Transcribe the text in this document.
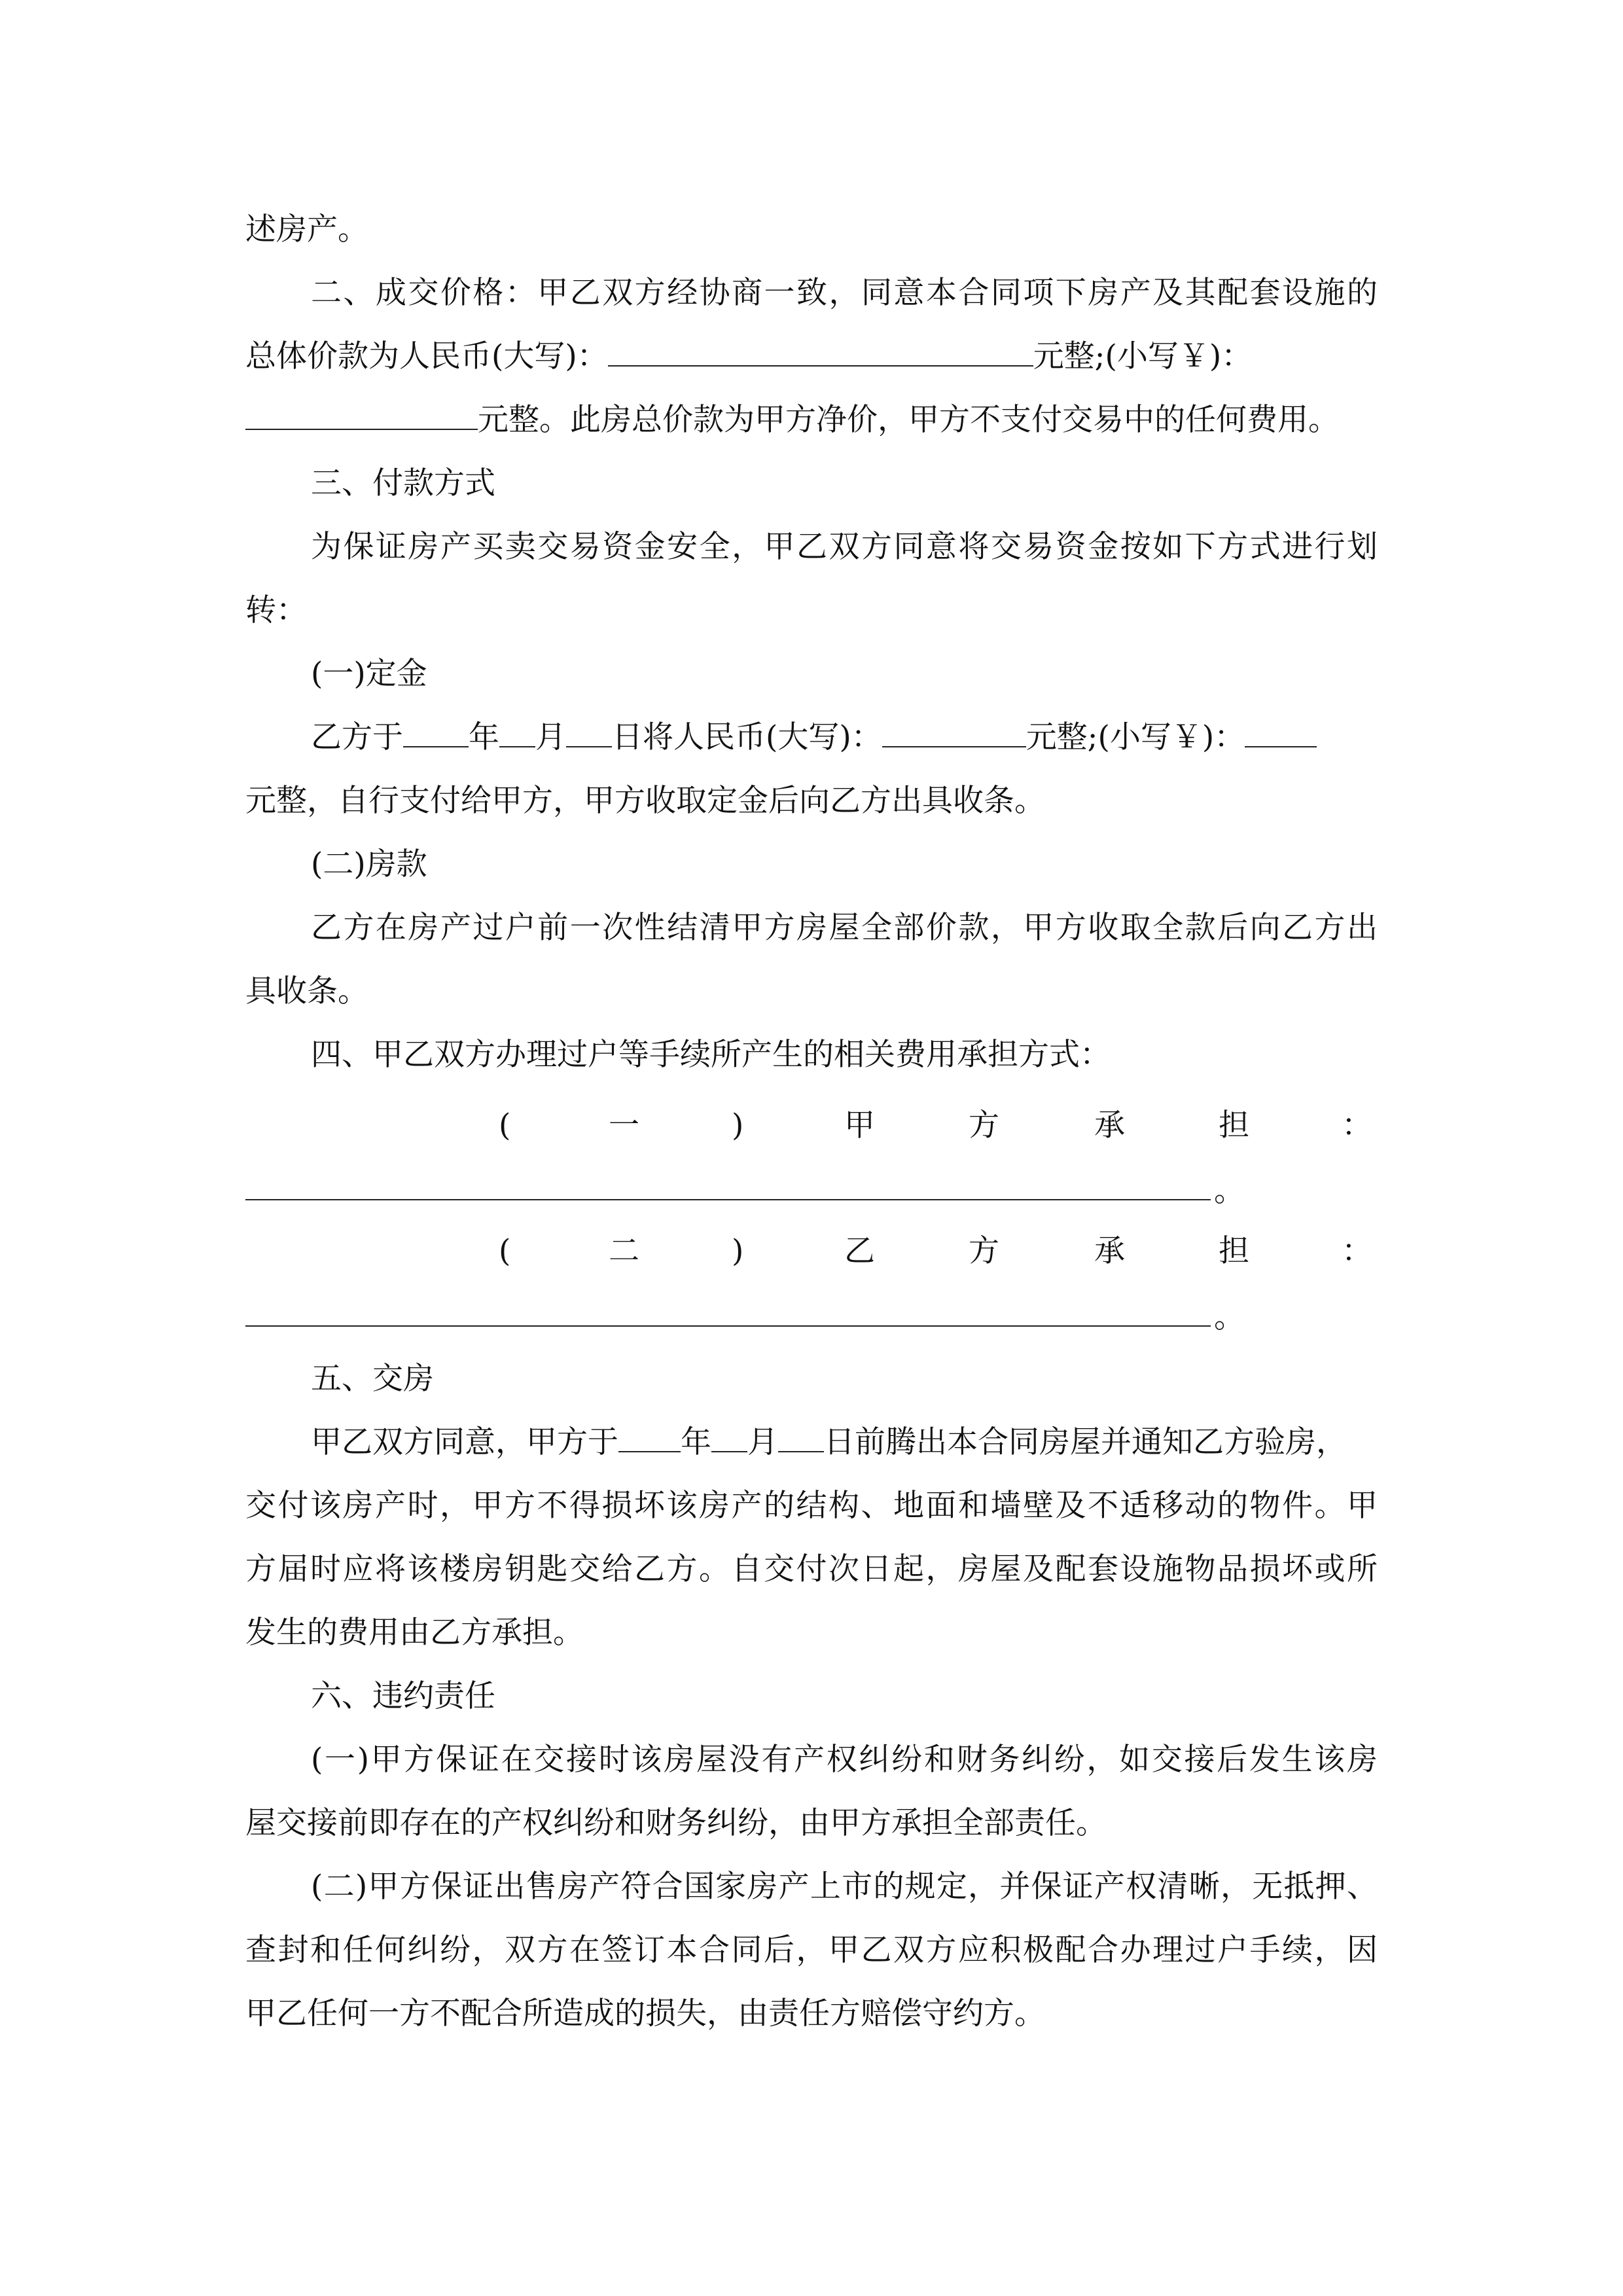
述房产。
二、成交价格：甲乙双方经协商一致，同意本合同项下房产及其配套设施的
总体价款为人民币(大写)：	元整;(小写￥)：
元整。此房总价款为甲方净价，甲方不支付交易中的任何费用。
三、付款方式
为保证房产买卖交易资金安全，甲乙双方同意将交易资金按如下方式进行划
转：
(一)定金
乙方于 年 月 日将人民币(大写)：	元整;(小写￥)：
元整，自行支付给甲方，甲方收取定金后向乙方出具收条。
(二)房款
乙方在房产过户前一次性结清甲方房屋全部价款，甲方收取全款后向乙方出
具收条。
四、甲乙双方办理过户等手续所产生的相关费用承担方式：
(	一	)	甲	方	承	担	：
。
(	二	)	乙	方	承	担	：
。
五、交房
甲乙双方同意，甲方于 年 月 日前腾出本合同房屋并通知乙方验房，
交付该房产时，甲方不得损坏该房产的结构、地面和墙壁及不适移动的物件。甲
方届时应将该楼房钥匙交给乙方。自交付次日起，房屋及配套设施物品损坏或所
发生的费用由乙方承担。
六、违约责任
(一)甲方保证在交接时该房屋没有产权纠纷和财务纠纷，如交接后发生该房
屋交接前即存在的产权纠纷和财务纠纷，由甲方承担全部责任。
(二)甲方保证出售房产符合国家房产上市的规定，并保证产权清晰，无抵押、
查封和任何纠纷，双方在签订本合同后，甲乙双方应积极配合办理过户手续，因
甲乙任何一方不配合所造成的损失，由责任方赔偿守约方。
